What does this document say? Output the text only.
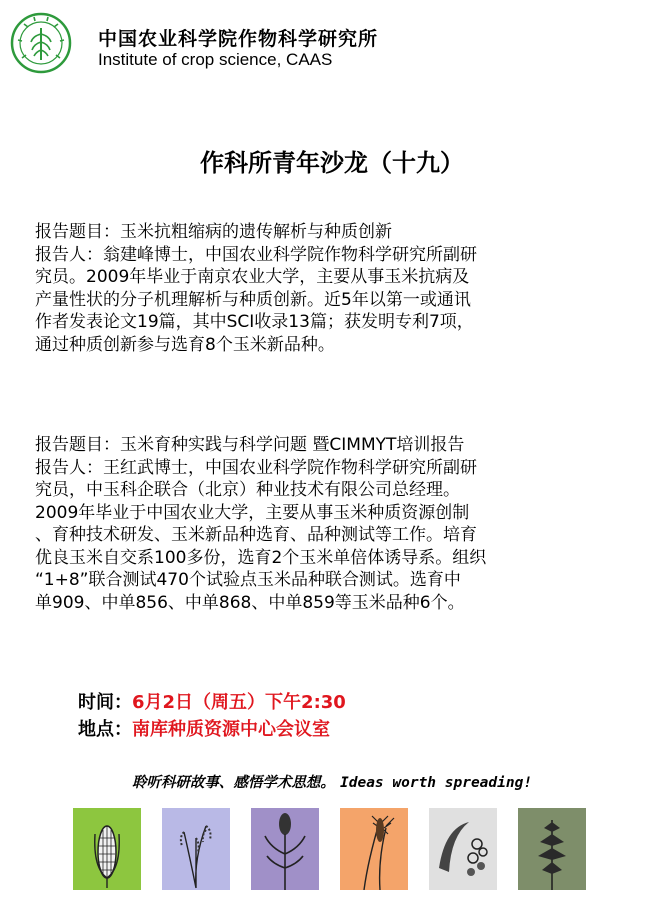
中国农业科学院作物科学研究所
Institute of crop science, CAAS
作科所青年沙龙（十九）
报告题目：玉米抗粗缩病的遗传解析与种质创新
报告人：翁建峰博士，中国农业科学院作物科学研究所副研
究员。2009年毕业于南京农业大学，主要从事玉米抗病及
产量性状的分子机理解析与种质创新。近5年以第一或通讯
作者发表论文19篇，其中SCI收录13篇；获发明专利7项，
通过种质创新参与选育8个玉米新品种。
报告题目：玉米育种实践与科学问题 暨CIMMYT培训报告
报告人：王红武博士，中国农业科学院作物科学研究所副研
究员，中玉科企联合（北京）种业技术有限公司总经理。
2009年毕业于中国农业大学，主要从事玉米种质资源创制
、育种技术研发、玉米新品种选育、品种测试等工作。培育
优良玉米自交系100多份，选育2个玉米单倍体诱导系。组织
“1+8”联合测试470个试验点玉米品种联合测试。选育中
单909、中单856、中单868、中单859等玉米品种6个。
时间：6月2日（周五）下午2:30
地点：南库种质资源中心会议室
聆听科研故事、感悟学术思想。 Ideas worth spreading!
